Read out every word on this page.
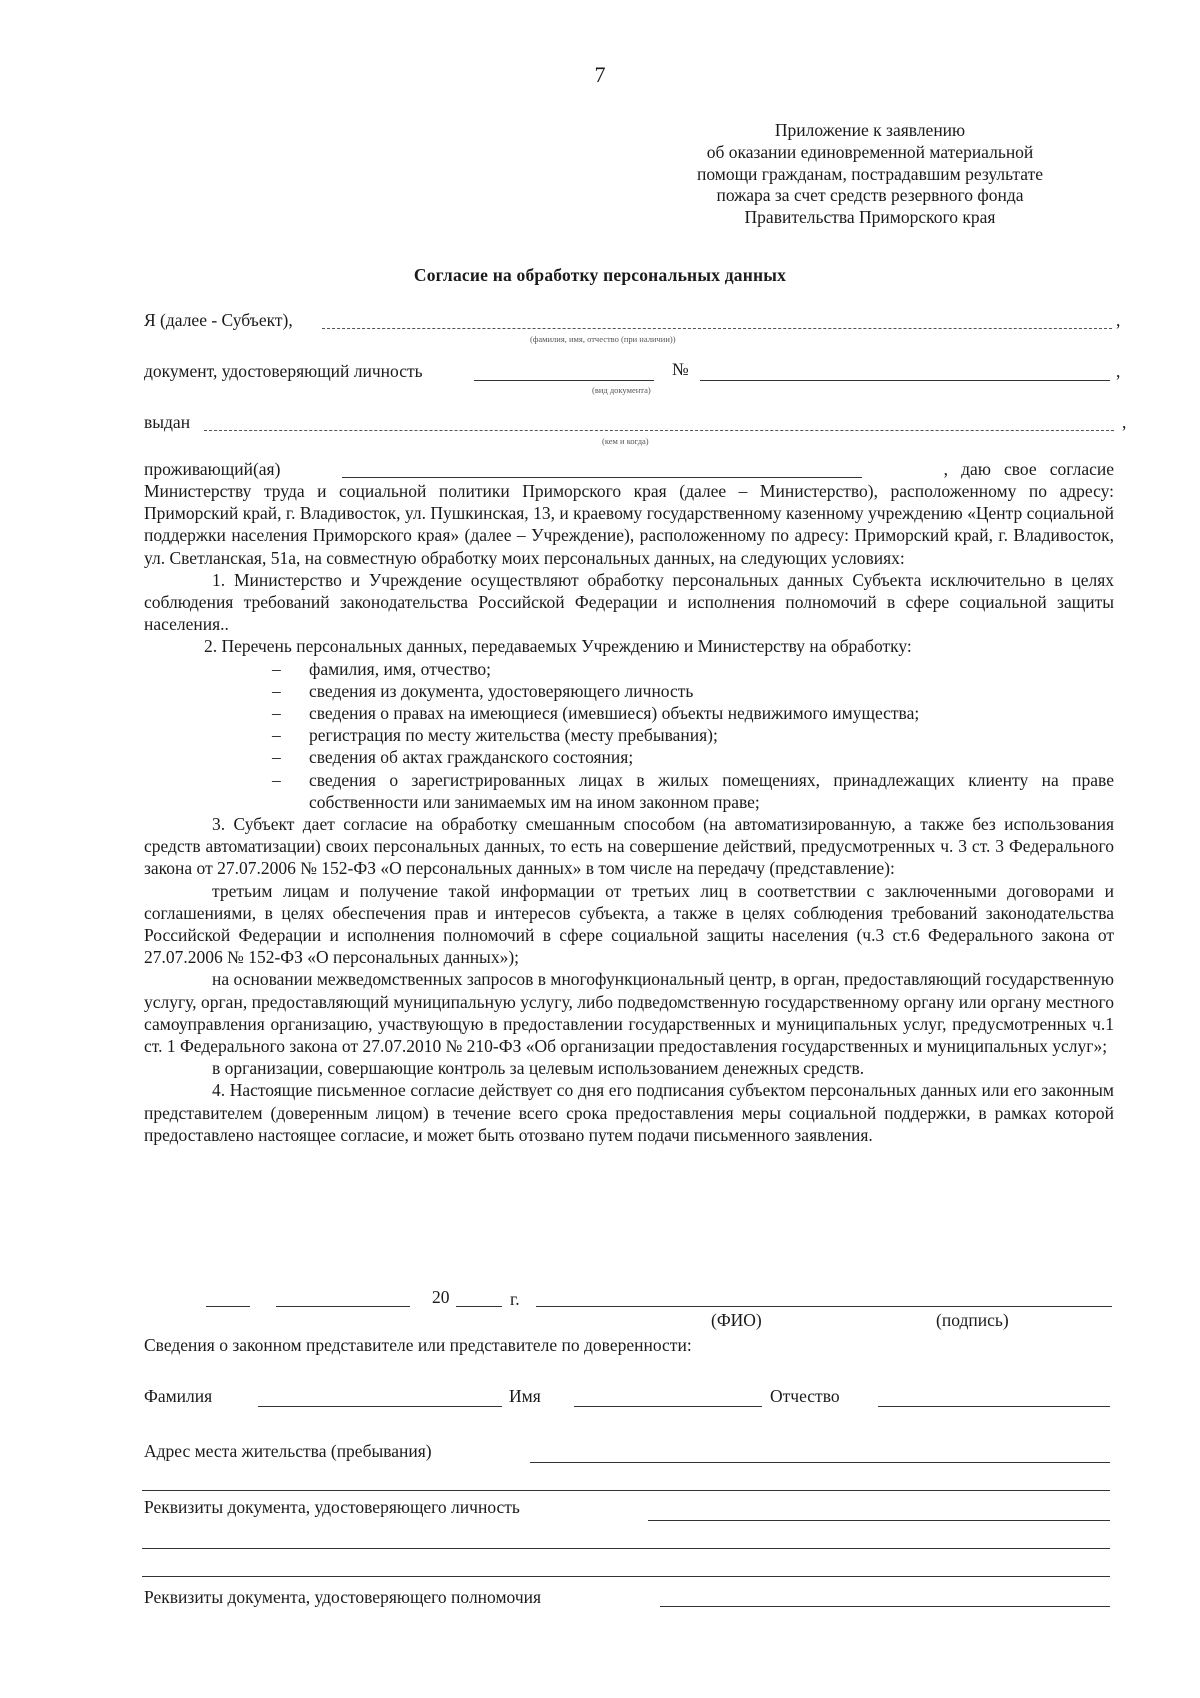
7
Приложение к заявлению
об оказании единовременной материальной
помощи гражданам, пострадавшим результате
пожара за счет средств резервного фонда
Правительства Приморского края
Согласие на обработку персональных данных
Я (далее - Субъект),	,
(фамилия, имя, отчество (при наличии))
документ, удостоверяющий личность	№	,
(вид документа)
выдан	,
(кем и когда)
проживающий(ая)	,   даю   свое   согласие

Министерству труда и социальной политики Приморского края (далее – Министерство), расположенному по адресу: Приморский край, г. Владивосток, ул. Пушкинская, 13, и краевому государственному казенному учреждению «Центр социальной поддержки населения Приморского края» (далее – Учреждение), расположенному по адресу: Приморский край, г. Владивосток, ул. Светланская, 51а, на совместную обработку моих персональных данных, на следующих условиях:

1. Министерство и Учреждение осуществляют обработку персональных данных Субъекта исключительно в целях соблюдения требований законодательства Российской Федерации и исполнения полномочий в сфере социальной защиты населения..

2. Перечень персональных данных, передаваемых Учреждению и Министерству на обработку:

– фамилия, имя, отчество;
– сведения из документа, удостоверяющего личность
– сведения о правах на имеющиеся (имевшиеся) объекты недвижимого имущества;
– регистрация по месту жительства (месту пребывания);
– сведения об актах гражданского состояния;
– сведения о зарегистрированных лицах в жилых помещениях, принадлежащих клиенту на праве собственности или занимаемых им на ином законном праве;

3. Субъект дает согласие на обработку смешанным способом (на автоматизированную, а также без использования средств автоматизации) своих персональных данных, то есть на совершение действий, предусмотренных ч. 3 ст. 3 Федерального закона от 27.07.2006 № 152-ФЗ «О персональных данных» в том числе на передачу (представление):

третьим лицам и получение такой информации от третьих лиц в соответствии с заключенными договорами и соглашениями, в целях обеспечения прав и интересов субъекта, а также в целях соблюдения требований законодательства Российской Федерации и исполнения полномочий в сфере социальной защиты населения (ч.3 ст.6 Федерального закона от 27.07.2006 № 152-ФЗ «О персональных данных»);

на основании межведомственных запросов в многофункциональный центр, в орган, предоставляющий государственную услугу, орган, предоставляющий муниципальную услугу, либо подведомственную государственному органу или органу местного самоуправления организацию, участвующую в предоставлении государственных и муниципальных услуг, предусмотренных ч.1 ст. 1 Федерального закона от 27.07.2010 № 210-ФЗ «Об организации предоставления государственных и муниципальных услуг»;

в организации, совершающие контроль за целевым использованием денежных средств.

4. Настоящие письменное согласие действует со дня его подписания субъектом персональных данных или его законным представителем (доверенным лицом) в течение всего срока предоставления меры социальной поддержки, в рамках которой предоставлено настоящее согласие, и может быть отозвано путем подачи письменного заявления.

20	г.
(ФИО)	(подпись)
Сведения о законном представителе или представителе по доверенности:
Фамилия	Имя	Отчество
Адрес места жительства (пребывания)
Реквизиты документа, удостоверяющего личность
Реквизиты документа, удостоверяющего полномочия
